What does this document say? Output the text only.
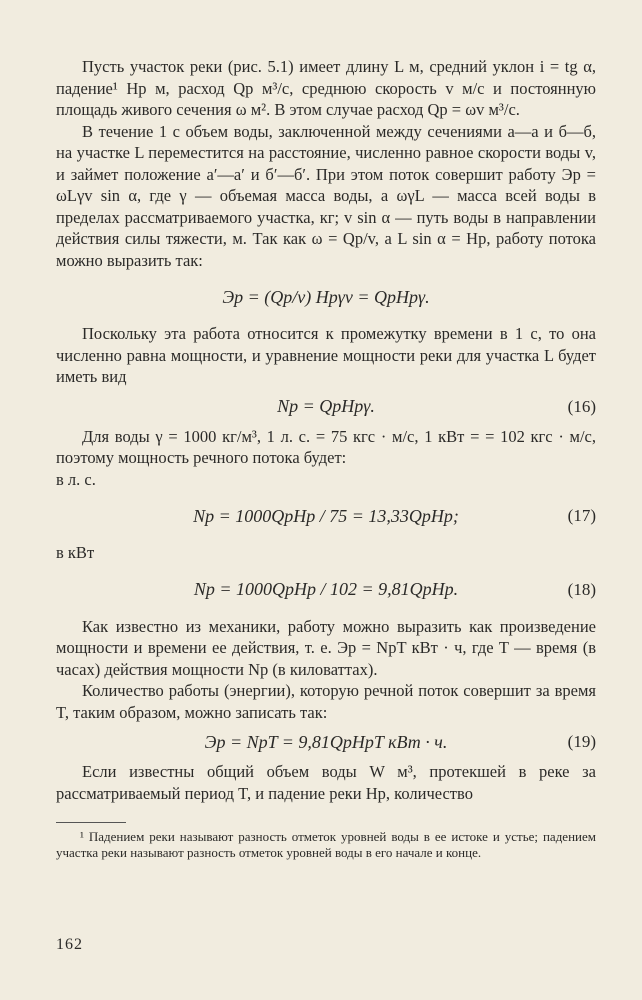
Пусть участок реки (рис. 5.1) имеет длину L м, средний уклон i = tg α, падение¹ Hр м, расход Qр м³/с, среднюю скорость v м/с и постоянную площадь живого сечения ω м². В этом случае расход Qр = ωv м³/с.

В течение 1 с объем воды, заключенной между сечениями а—а и б—б, на участке L переместится на расстояние, численно равное скорости воды v, и займет положение а′—а′ и б′—б′. При этом поток совершит работу Эр = ωLγv sin α, где γ — объемая масса воды, а ωγL — масса всей воды в пределах рассматриваемого участка, кг; v sin α — путь воды в направлении действия силы тяжести, м. Так как ω = Qр/v, а L sin α = Hр, работу потока можно выразить так:

Эр = (Qр/v) Hрγv = QрHрγ.

Поскольку эта работа относится к промежутку времени в 1 с, то она численно равна мощности, и уравнение мощности реки для участка L будет иметь вид

Nр = QрHрγ.	(16)

Для воды γ = 1000 кг/м³, 1 л. с. = 75 кгс · м/с, 1 кВт = = 102 кгс · м/с, поэтому мощность речного потока будет:

в л. с.

Nр = 1000QрHр / 75 = 13,33QрHр;	(17)

в кВт

Nр = 1000QрHр / 102 = 9,81QрHр.	(18)

Как известно из механики, работу можно выразить как произведение мощности и времени ее действия, т. е. Эр = NрT кВт · ч, где T — время (в часах) действия мощности Nр (в киловаттах).

Количество работы (энергии), которую речной поток совершит за время T, таким образом, можно записать так:

Эр = NрT = 9,81QрHрT кВт · ч.	(19)

Если известны общий объем воды W м³, протекшей в реке за рассматриваемый период T, и падение реки Hр, количество

¹ Падением реки называют разность отметок уровней воды в ее истоке и устье; падением участка реки называют разность отметок уровней воды в его начале и конце.

162
